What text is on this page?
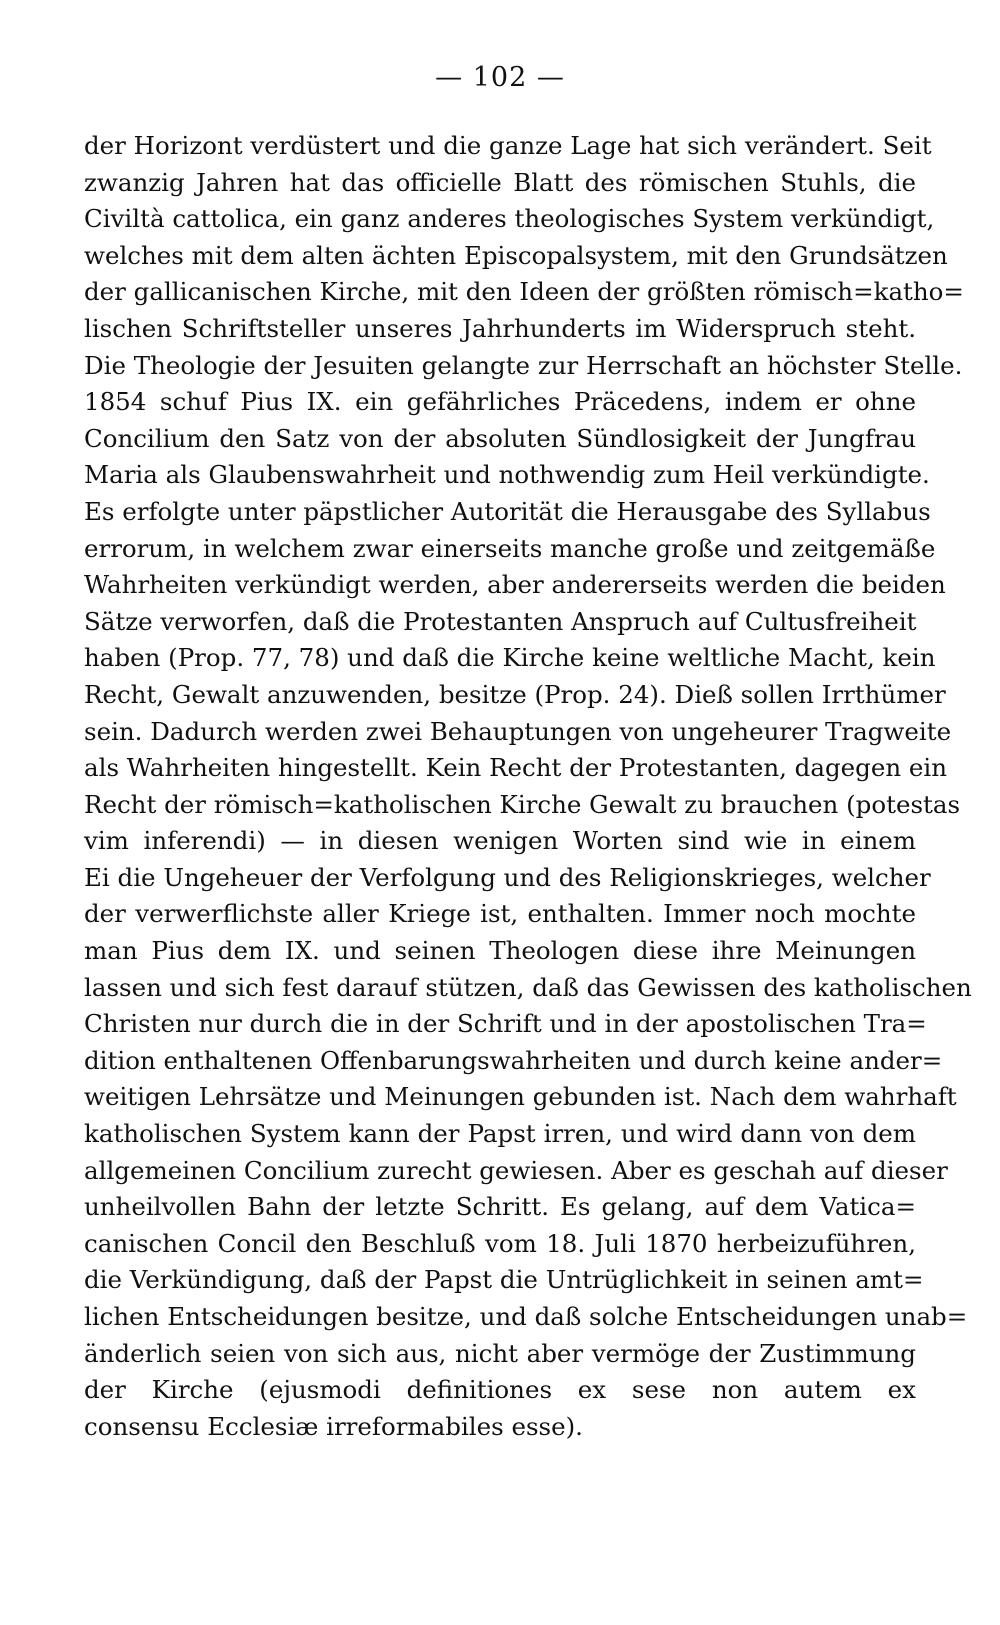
— 102 —
der Horizont verdüstert und die ganze Lage hat sich verändert. Seit
zwanzig Jahren hat das officielle Blatt des römischen Stuhls, die
Civiltà cattolica, ein ganz anderes theologisches System verkündigt,
welches mit dem alten ächten Episcopalsystem, mit den Grundsätzen
der gallicanischen Kirche, mit den Ideen der größten römisch=katho=
lischen Schriftsteller unseres Jahrhunderts im Widerspruch steht.
Die Theologie der Jesuiten gelangte zur Herrschaft an höchster Stelle.
1854 schuf Pius IX. ein gefährliches Präcedens, indem er ohne
Concilium den Satz von der absoluten Sündlosigkeit der Jungfrau
Maria als Glaubenswahrheit und nothwendig zum Heil verkündigte.
Es erfolgte unter päpstlicher Autorität die Herausgabe des Syllabus
errorum, in welchem zwar einerseits manche große und zeitgemäße
Wahrheiten verkündigt werden, aber andererseits werden die beiden
Sätze verworfen, daß die Protestanten Anspruch auf Cultusfreiheit
haben (Prop. 77, 78) und daß die Kirche keine weltliche Macht, kein
Recht, Gewalt anzuwenden, besitze (Prop. 24). Dieß sollen Irrthümer
sein. Dadurch werden zwei Behauptungen von ungeheurer Tragweite
als Wahrheiten hingestellt. Kein Recht der Protestanten, dagegen ein
Recht der römisch=katholischen Kirche Gewalt zu brauchen (potestas
vim inferendi) — in diesen wenigen Worten sind wie in einem
Ei die Ungeheuer der Verfolgung und des Religionskrieges, welcher
der verwerflichste aller Kriege ist, enthalten. Immer noch mochte
man Pius dem IX. und seinen Theologen diese ihre Meinungen
lassen und sich fest darauf stützen, daß das Gewissen des katholischen
Christen nur durch die in der Schrift und in der apostolischen Tra=
dition enthaltenen Offenbarungswahrheiten und durch keine ander=
weitigen Lehrsätze und Meinungen gebunden ist. Nach dem wahrhaft
katholischen System kann der Papst irren, und wird dann von dem
allgemeinen Concilium zurecht gewiesen. Aber es geschah auf dieser
unheilvollen Bahn der letzte Schritt. Es gelang, auf dem Vatica=
canischen Concil den Beschluß vom 18. Juli 1870 herbeizuführen,
die Verkündigung, daß der Papst die Untrüglichkeit in seinen amt=
lichen Entscheidungen besitze, und daß solche Entscheidungen unab=
änderlich seien von sich aus, nicht aber vermöge der Zustimmung
der Kirche (ejusmodi definitiones ex sese non autem ex
consensu Ecclesiæ irreformabiles esse).
